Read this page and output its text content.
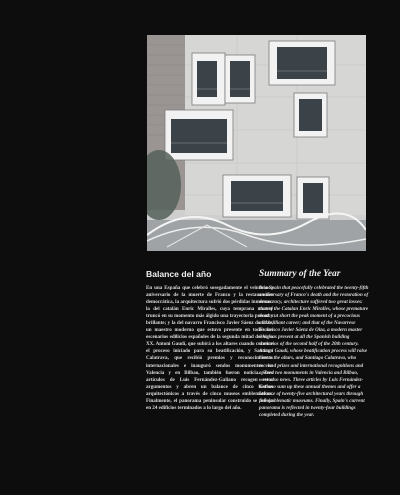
Balance del año

En una España que celebró sosegadamente el veinticinco aniversario de la muerte de Franco y la restauración democrática, la arquitectura sufrió dos pérdidas inmensas: la del catalán Enric Miralles, cuya temprana muerte truncó en su momento más álgido una trayectoria precoz y brillante; y la del navarro Francisco Javier Sáenz de Oiza, un maestro moderno que estuvo presente en todos los escenarios edilicios españoles de la segunda mitad del siglo XX. Antoni Gaudí, que subirá a los altares cuando culmine el proceso iniciado para su beatificación, y Santiago Calatrava, que recibió premios y reconocimientos internacionales e inauguró sendos monumentos en Valencia y en Bilbao, también fueron noticia. Tres artículos de Luis Fernández-Galiano recogen estos argumentos y abren un balance de cinco lustros arquitectónicos a través de cinco museos emblemáticos. Finalmente, el panorama peninsular construido se refleja en 24 edificios terminados a lo largo del año.

Summary of the Year

In a Spain that peacefully celebrated the twenty-fifth anniversary of Franco's death and the restoration of democracy, architecture suffered two great losses: that of the Catalan Enric Miralles, whose premature death cut short the peak moment of a precocious and brilliant career; and that of the Navarrese Francisco Javier Sáenz de Oiza, a modern master who was present at all the Spanish building scenarios of the second half of the 20th century. Antoni Gaudí, whose beatification process will raise him to the altars, and Santiago Calatrava, who received prizes and international recognitions and opened two monuments in Valencia and Bilbao, were also news. Three articles by Luis Fernández-Galiano sum up these annual themes and offer a balance of twenty-five architectural years through five emblematic museums. Finally, Spain's current panorama is reflected in twenty-four buildings completed during the year.
